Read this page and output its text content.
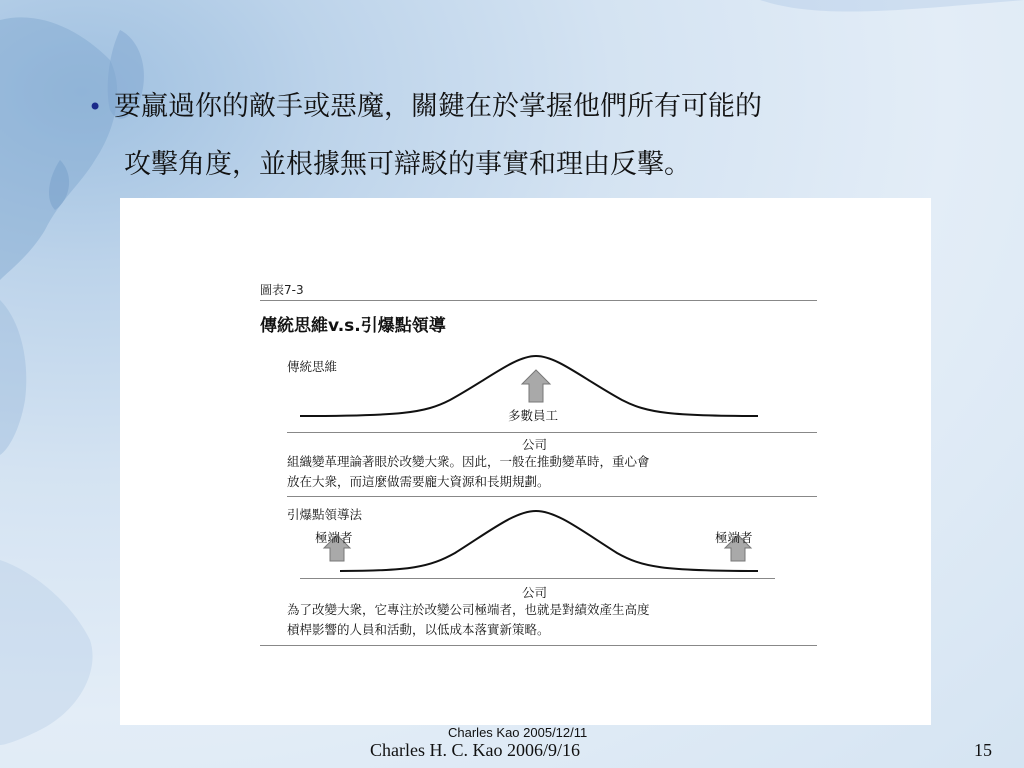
• 要贏過你的敵手或惡魔，關鍵在於掌握他們所有可能的
攻擊角度，並根據無可辯駁的事實和理由反擊。
圖表7-3
傳統思維v.s.引爆點領導
傳統思維
多數員工
公司
組織變革理論著眼於改變大衆。因此，一般在推動變革時，重心會
放在大衆，而這麼做需要龐大資源和長期規劃。
引爆點領導法
極端者	極端者
公司
為了改變大衆，它專注於改變公司極端者，也就是對績效產生高度
槓桿影響的人員和活動，以低成本落實新策略。
Charles Kao 2005/12/11
Charles H. C. Kao 2006/9/16	15
